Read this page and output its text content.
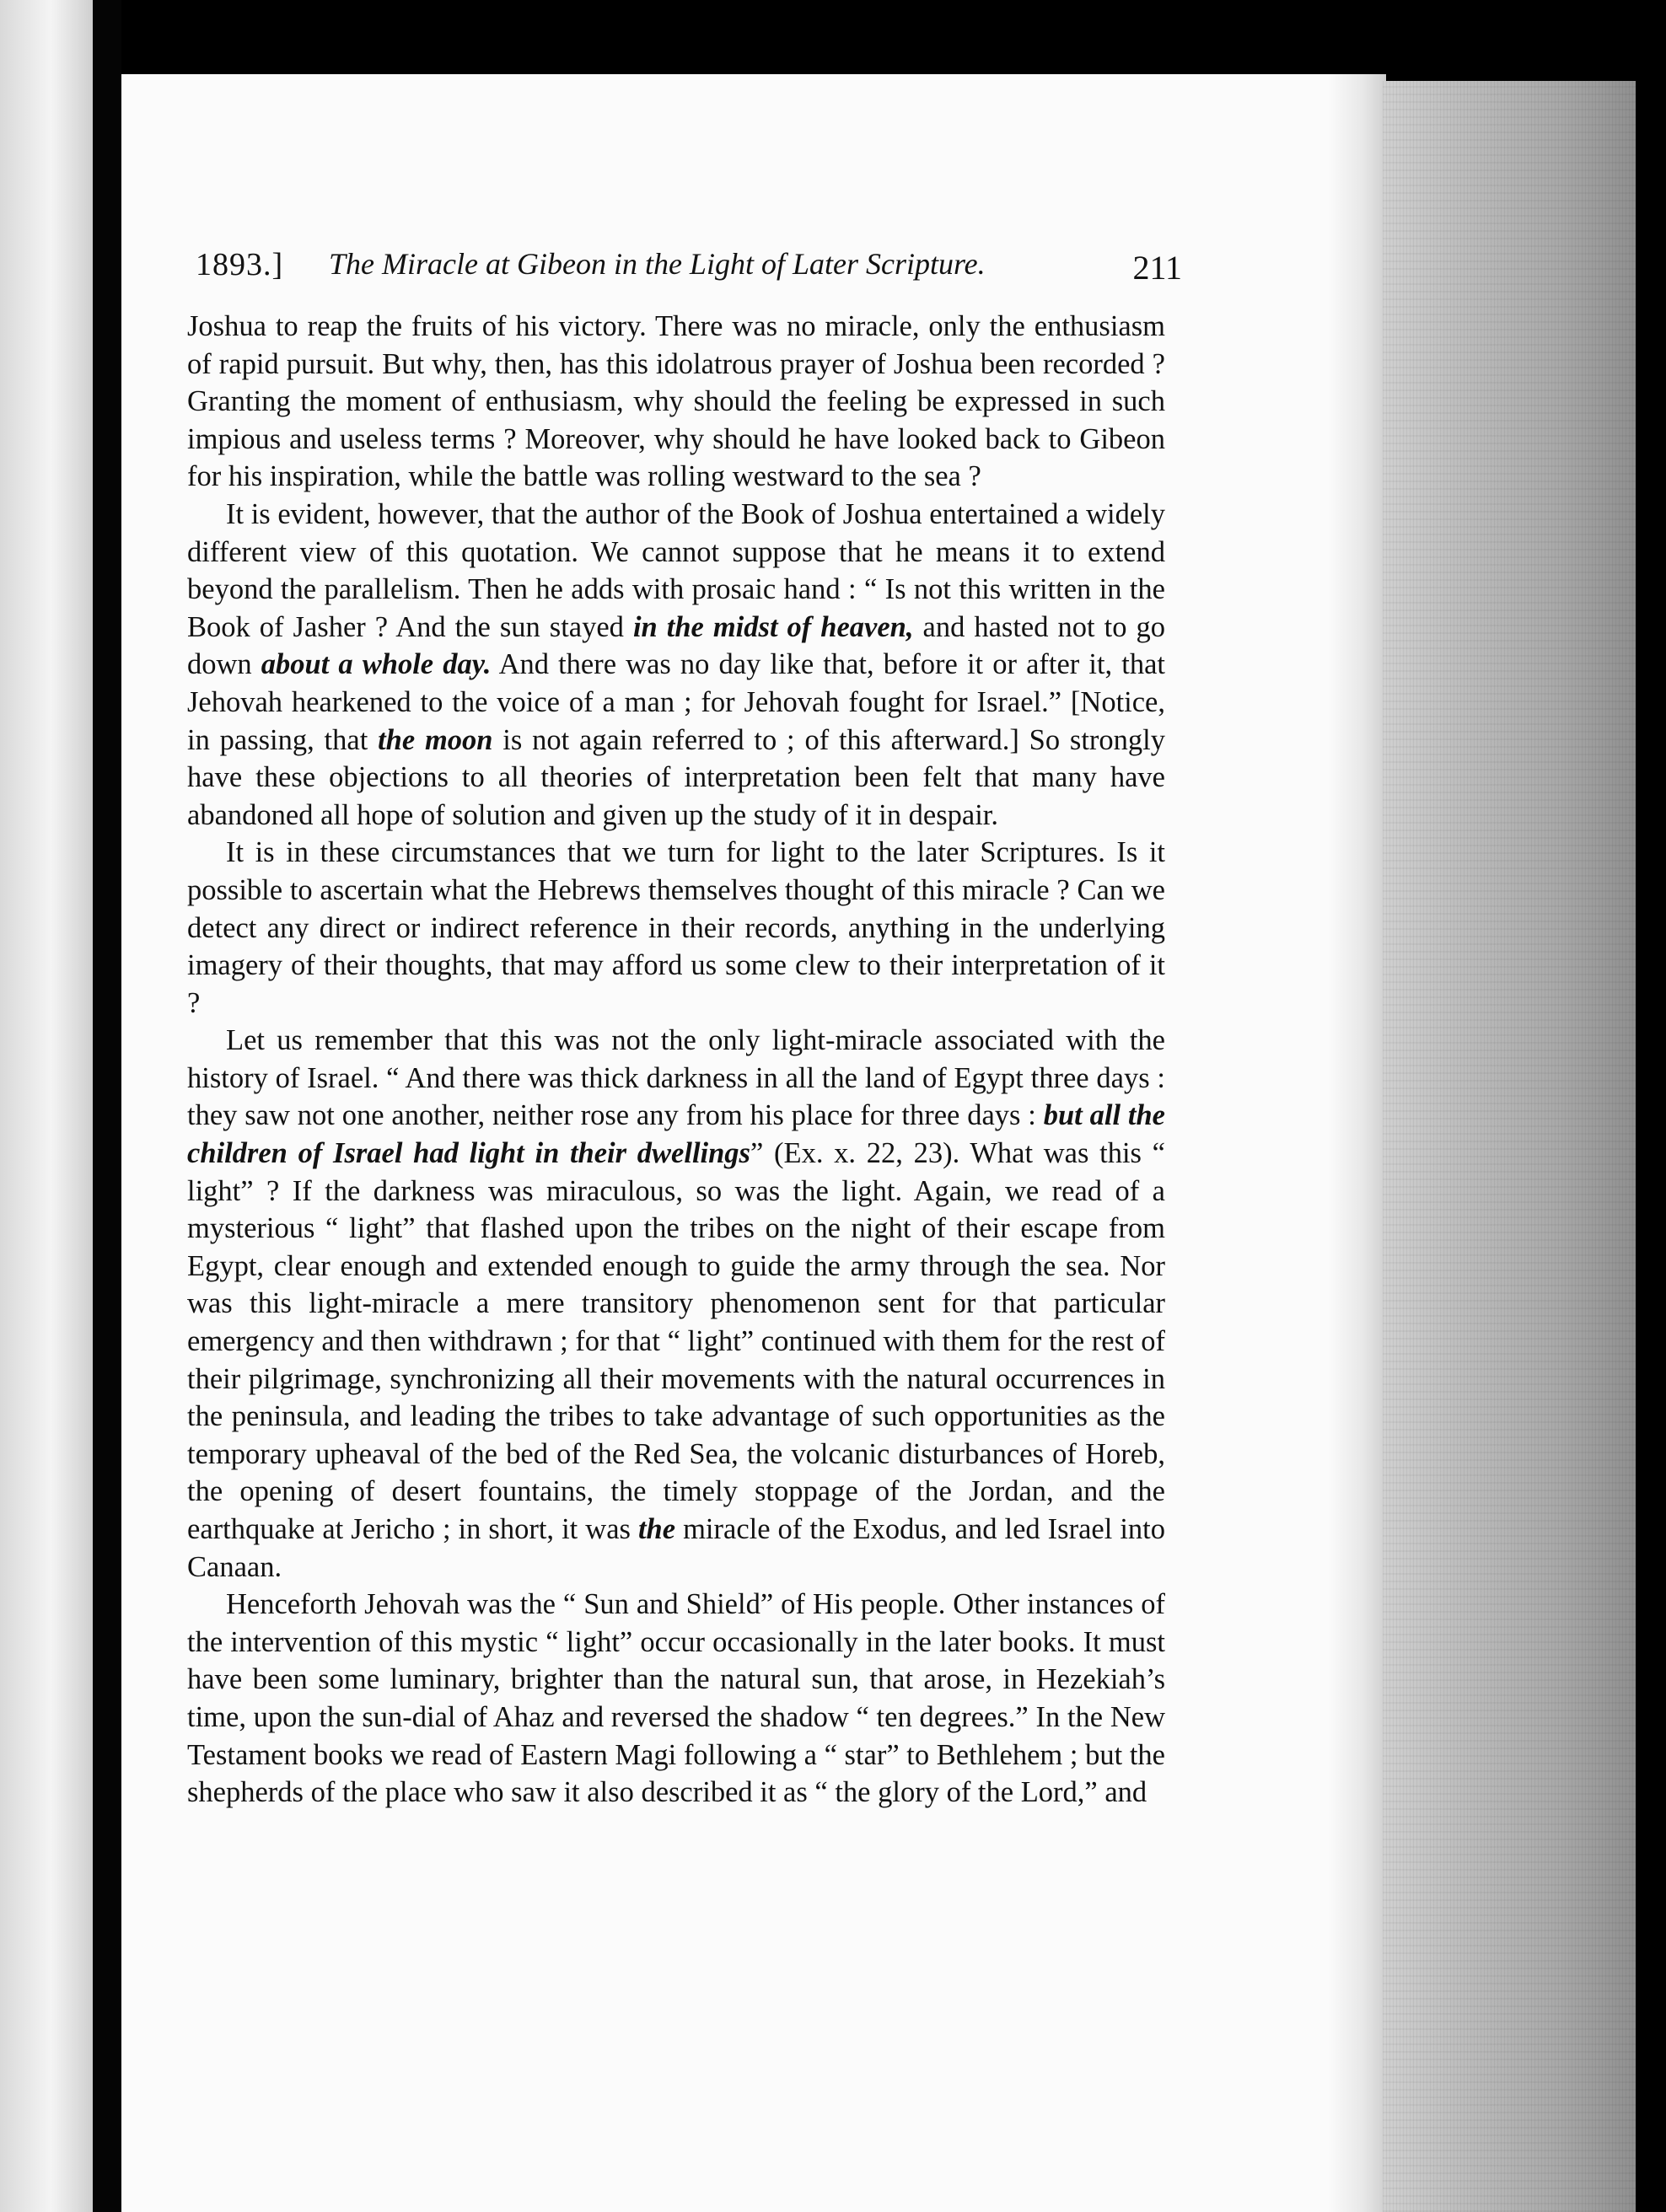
1893.] The Miracle at Gibeon in the Light of Later Scripture.	211

Joshua to reap the fruits of his victory. There was no miracle, only the enthusiasm of rapid pursuit. But why, then, has this idolatrous prayer of Joshua been recorded ? Granting the moment of enthusiasm, why should the feeling be expressed in such impious and useless terms ? Moreover, why should he have looked back to Gibeon for his inspiration, while the battle was rolling westward to the sea ?

It is evident, however, that the author of the Book of Joshua entertained a widely different view of this quotation. We cannot suppose that he means it to extend beyond the parallelism. Then he adds with prosaic hand : “ Is not this written in the Book of Jasher ? And the sun stayed in the midst of heaven, and hasted not to go down about a whole day. And there was no day like that, before it or after it, that Jehovah hearkened to the voice of a man ; for Jehovah fought for Israel.” [Notice, in passing, that the moon is not again referred to ; of this afterward.] So strongly have these objections to all theories of interpretation been felt that many have abandoned all hope of solution and given up the study of it in despair.

It is in these circumstances that we turn for light to the later Scriptures. Is it possible to ascertain what the Hebrews themselves thought of this miracle ? Can we detect any direct or indirect reference in their records, anything in the underlying imagery of their thoughts, that may afford us some clew to their interpretation of it ?

Let us remember that this was not the only light-miracle associated with the history of Israel. “ And there was thick darkness in all the land of Egypt three days : they saw not one another, neither rose any from his place for three days : but all the children of Israel had light in their dwellings” (Ex. x. 22, 23). What was this “ light” ? If the darkness was miraculous, so was the light. Again, we read of a mysterious “ light” that flashed upon the tribes on the night of their escape from Egypt, clear enough and extended enough to guide the army through the sea. Nor was this light-miracle a mere transitory phenomenon sent for that particular emergency and then withdrawn ; for that “ light” continued with them for the rest of their pilgrimage, synchronizing all their movements with the natural occurrences in the peninsula, and leading the tribes to take advantage of such opportunities as the temporary upheaval of the bed of the Red Sea, the volcanic disturbances of Horeb, the opening of desert fountains, the timely stoppage of the Jordan, and the earthquake at Jericho ; in short, it was the miracle of the Exodus, and led Israel into Canaan.

Henceforth Jehovah was the “ Sun and Shield” of His people. Other instances of the intervention of this mystic “ light” occur occasionally in the later books. It must have been some luminary, brighter than the natural sun, that arose, in Hezekiah’s time, upon the sun-dial of Ahaz and reversed the shadow “ ten degrees.” In the New Testament books we read of Eastern Magi following a “ star” to Bethlehem ; but the shepherds of the place who saw it also described it as “ the glory of the Lord,” and
